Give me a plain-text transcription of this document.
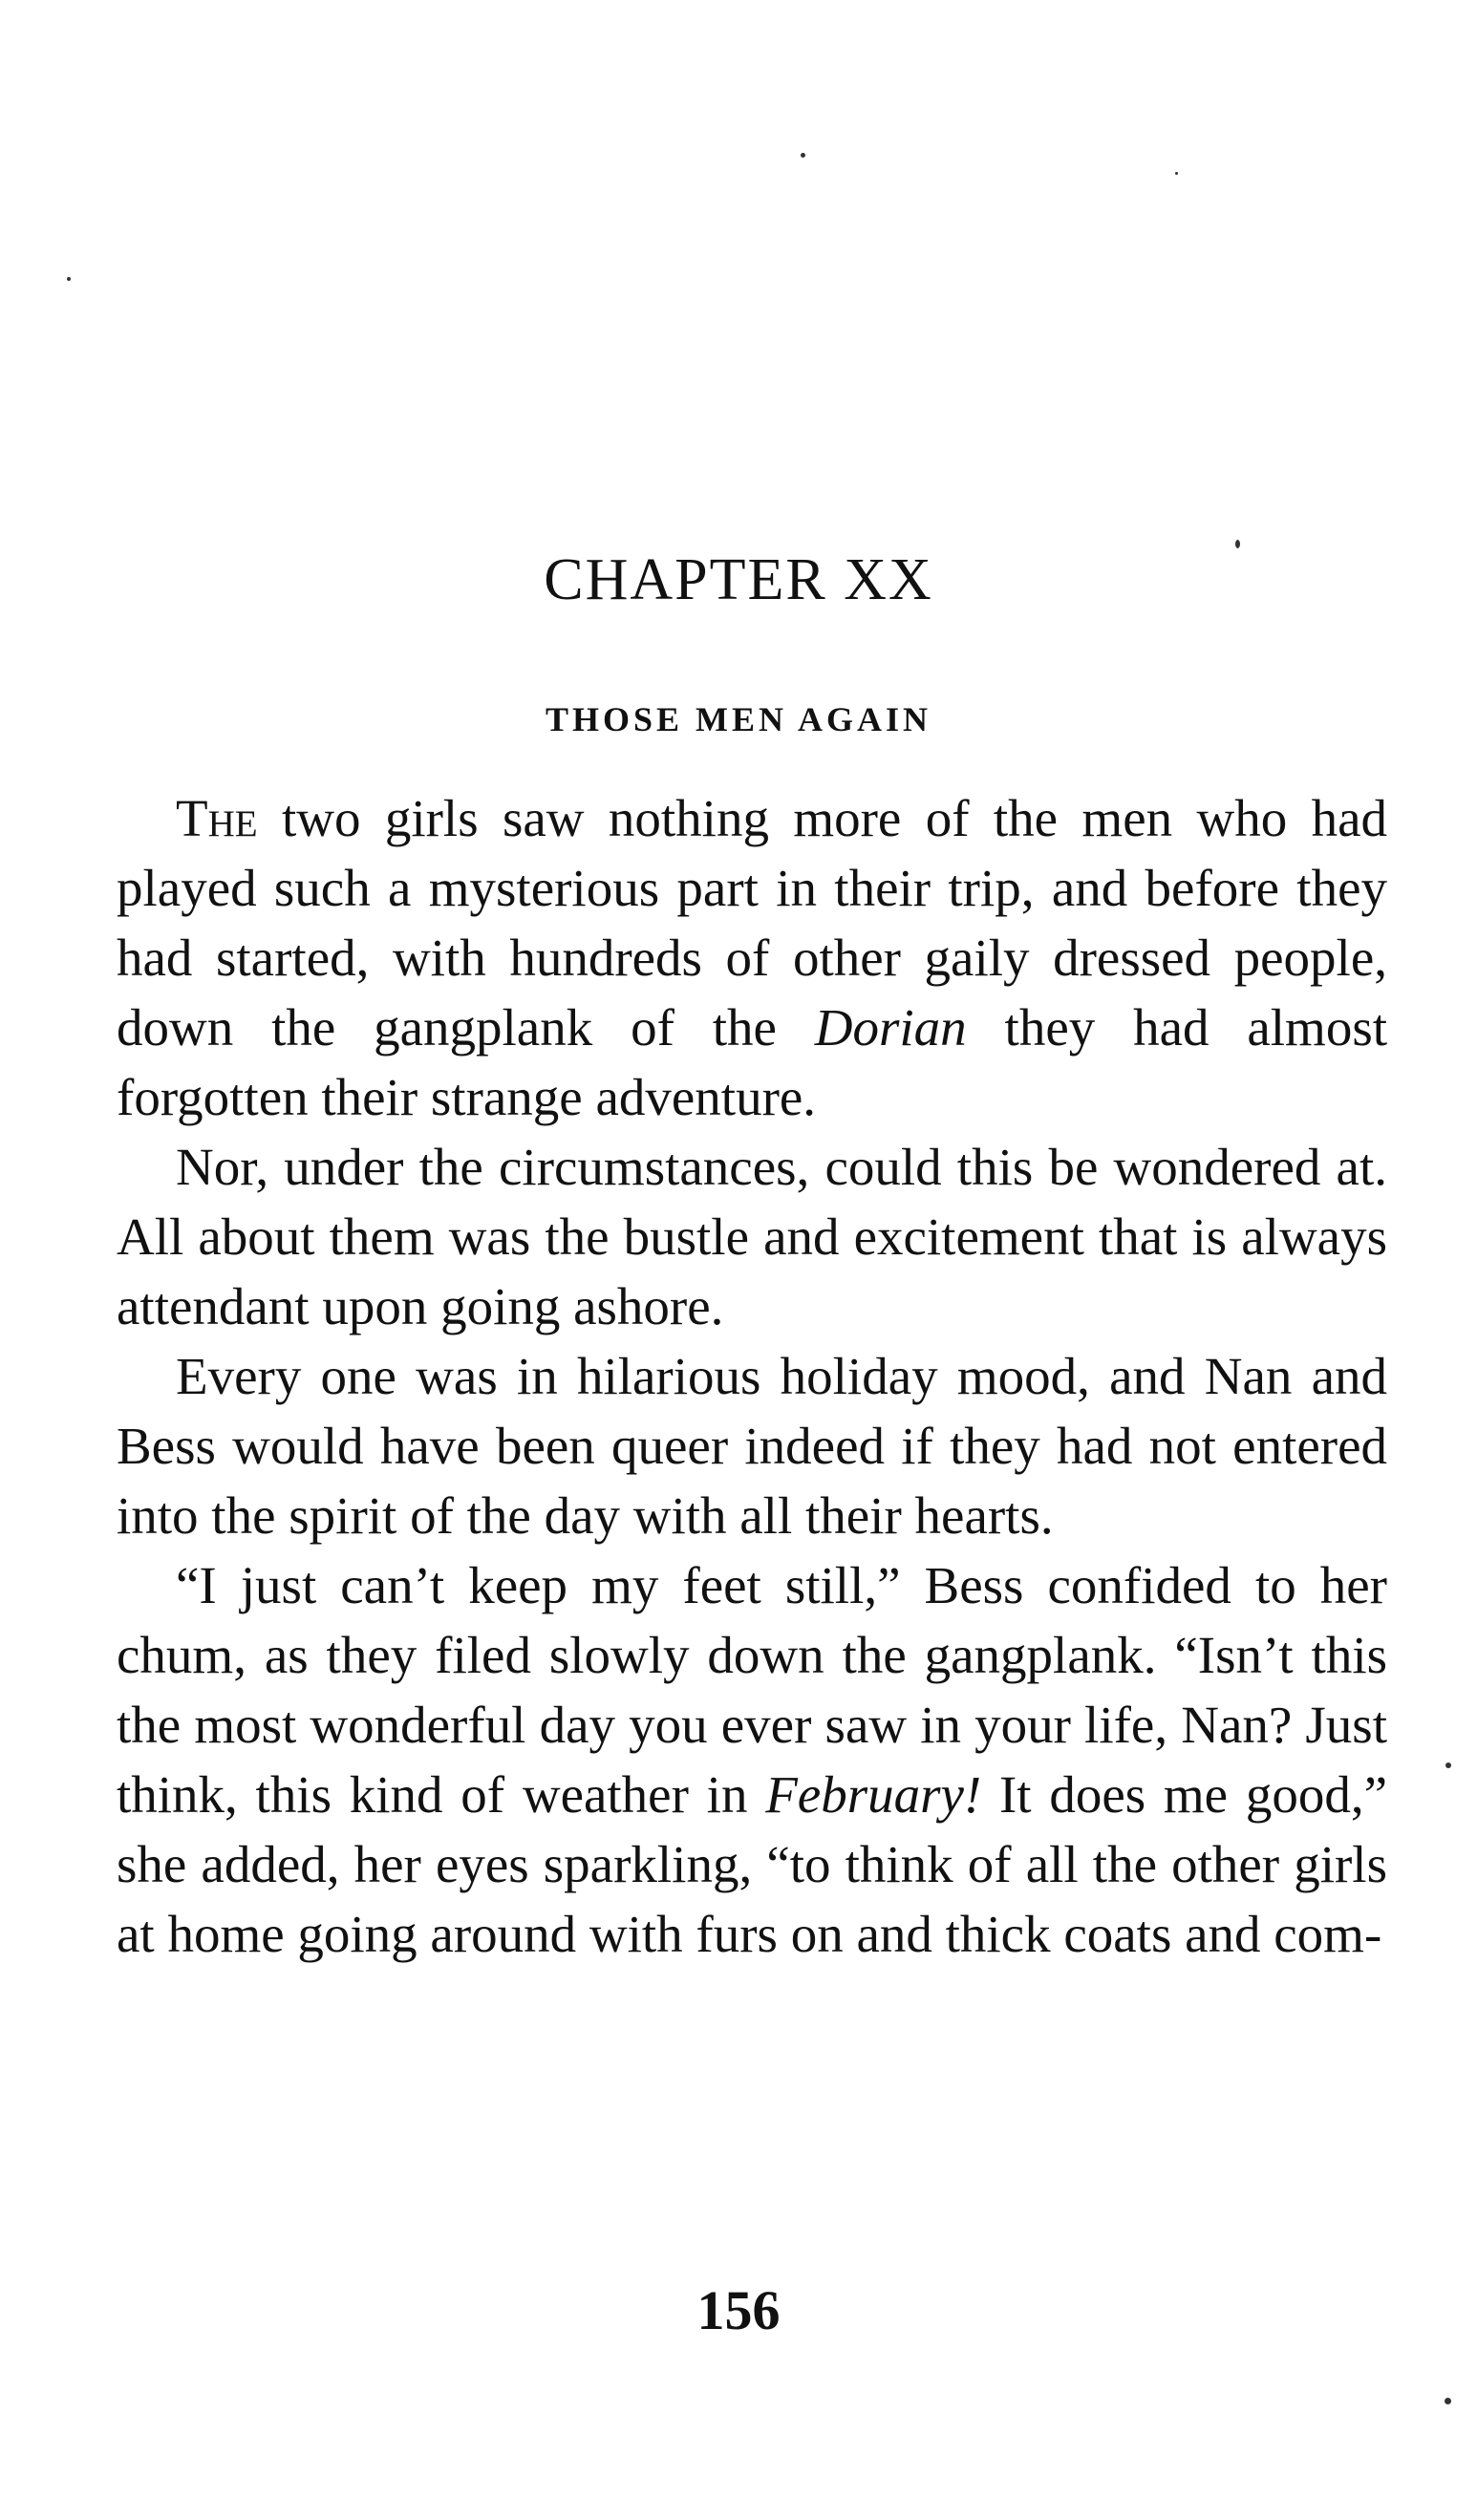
CHAPTER XX
THOSE MEN AGAIN

The two girls saw nothing more of the men who had played such a mysterious part in their trip, and before they had started, with hundreds of other gaily dressed people, down the gangplank of the Dorian they had almost forgotten their strange adventure.

Nor, under the circumstances, could this be wondered at. All about them was the bustle and excitement that is always attendant upon going ashore.

Every one was in hilarious holiday mood, and Nan and Bess would have been queer indeed if they had not entered into the spirit of the day with all their hearts.

“I just can’t keep my feet still,” Bess confided to her chum, as they filed slowly down the gangplank. “Isn’t this the most wonderful day you ever saw in your life, Nan? Just think, this kind of weather in February! It does me good,” she added, her eyes sparkling, “to think of all the other girls at home going around with furs on and thick coats and com-

156
